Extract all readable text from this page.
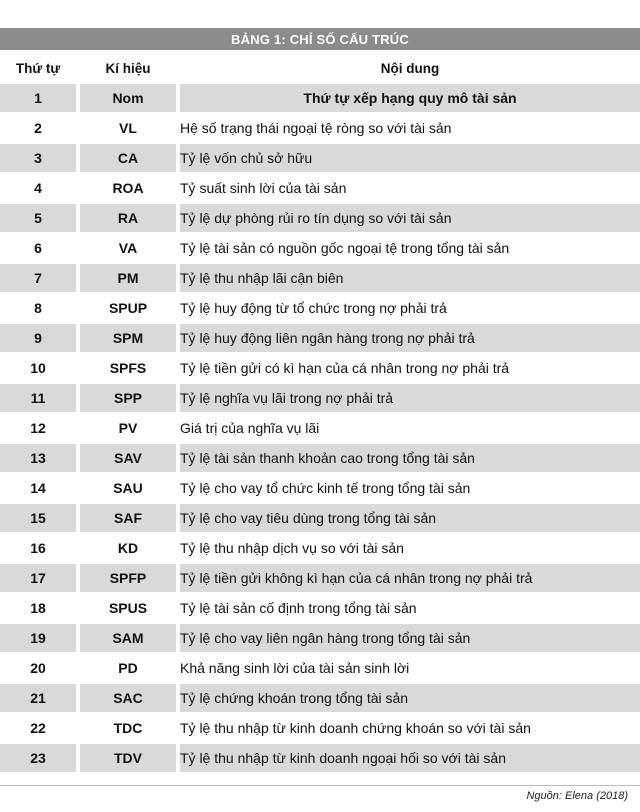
BẢNG 1: CHỈ SỐ CẤU TRÚC
Thứ tự		Kí hiệu		Nội dung
1		Nom		Thứ tự xếp hạng quy mô tài sản
2		VL		Hệ số trạng thái ngoại tệ ròng so với tài sản
3		CA		Tỷ lệ vốn chủ sở hữu
4		ROA		Tỷ suất sinh lời của tài sản
5		RA		Tỷ lệ dự phòng rủi ro tín dụng so với tài sản
6		VA		Tỷ lệ tài sản có nguồn gốc ngoại tệ trong tổng tài sản
7		PM		Tỷ lệ thu nhập lãi cận biên
8		SPUP		Tỷ lệ huy động từ tổ chức trong nợ phải trả
9		SPM		Tỷ lệ huy động liên ngân hàng trong nợ phải trả
10		SPFS		Tỷ lệ tiền gửi có kì hạn của cá nhân trong nợ phải trả
11		SPP		Tỷ lệ nghĩa vụ lãi trong nợ phải trả
12		PV		Giá trị của nghĩa vụ lãi
13		SAV		Tỷ lệ tài sản thanh khoản cao trong tổng tài sản
14		SAU		Tỷ lệ cho vay tổ chức kinh tế trong tổng tài sản
15		SAF		Tỷ lệ cho vay tiêu dùng trong tổng tài sản
16		KD		Tỷ lệ thu nhập dịch vụ so với tài sản
17		SPFP		Tỷ lệ tiền gửi không kì hạn của cá nhân trong nợ phải trả
18		SPUS		Tỷ lệ tài sản cố định trong tổng tài sản
19		SAM		Tỷ lệ cho vay liên ngân hàng trong tổng tài sản
20		PD		Khả năng sinh lời của tài sản sinh lời
21		SAC		Tỷ lệ chứng khoán trong tổng tài sản
22		TDC		Tỷ lệ thu nhập từ kinh doanh chứng khoán so với tài sản
23		TDV		Tỷ lệ thu nhập từ kinh doanh ngoại hối so với tài sản
Nguồn: Elena (2018)
